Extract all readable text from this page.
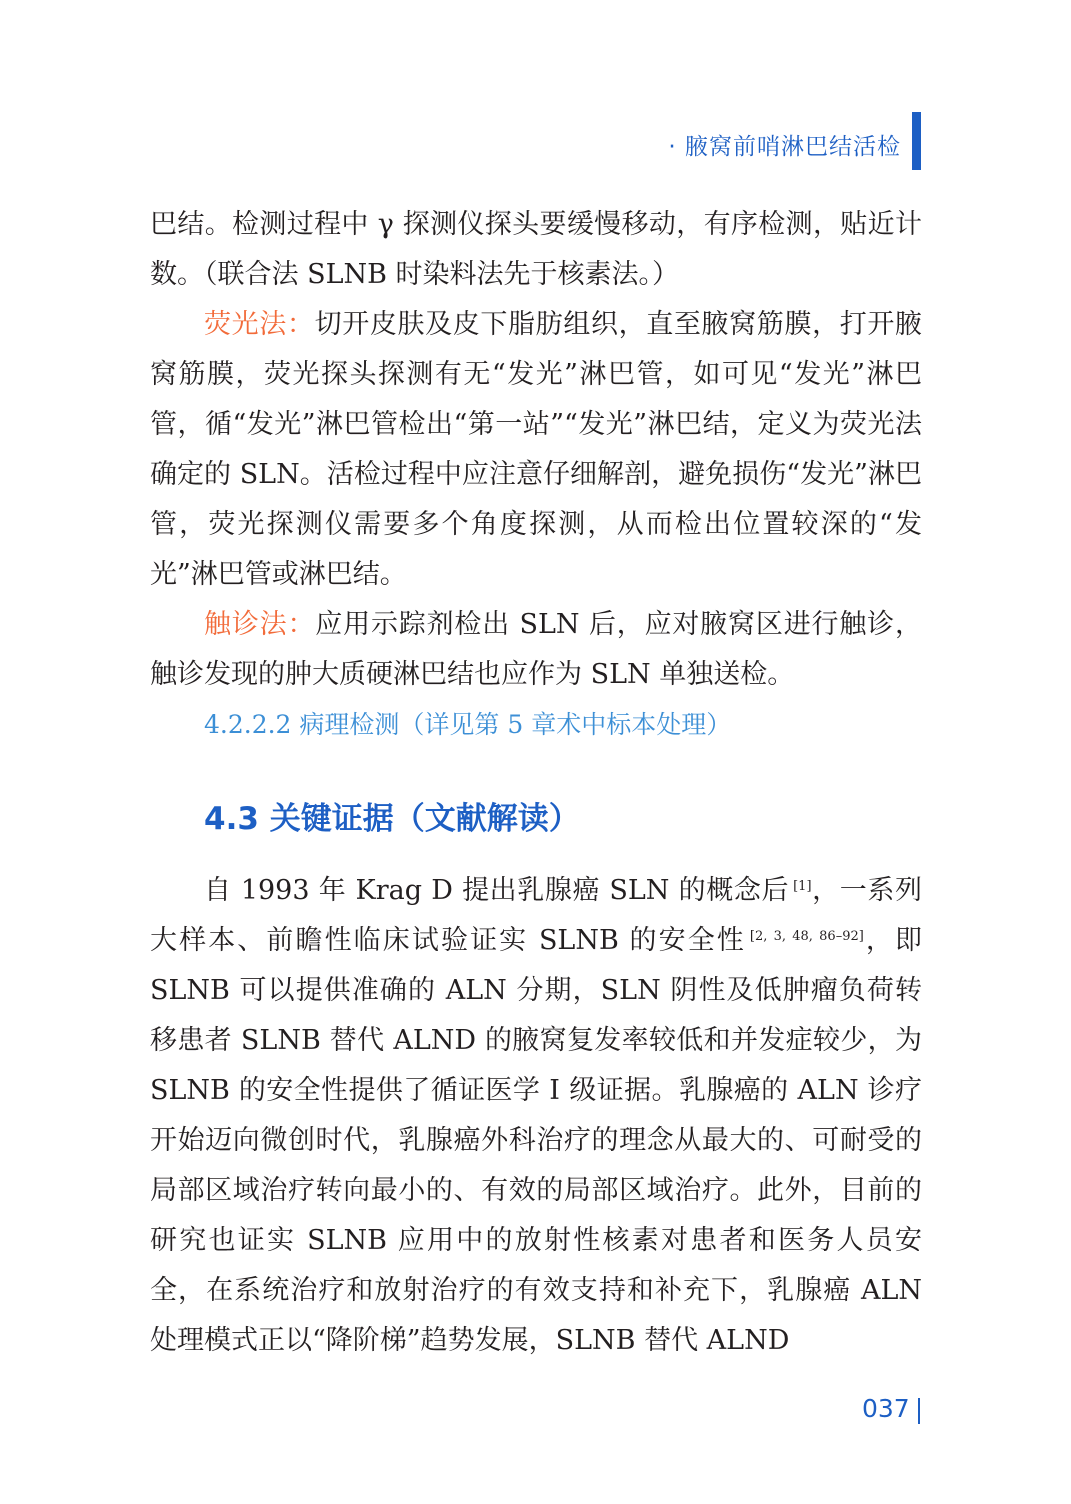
· 腋窝前哨淋巴结活检

巴结。检测过程中 γ 探测仪探头要缓慢移动，有序检测，贴近计数。（联合法 SLNB 时染料法先于核素法。）

荧光法：切开皮肤及皮下脂肪组织，直至腋窝筋膜，打开腋窝筋膜，荧光探头探测有无“发光”淋巴管，如可见“发光”淋巴管，循“发光”淋巴管检出“第一站”“发光”淋巴结，定义为荧光法确定的 SLN。活检过程中应注意仔细解剖，避免损伤“发光”淋巴管，荧光探测仪需要多个角度探测，从而检出位置较深的“发光”淋巴管或淋巴结。

触诊法：应用示踪剂检出 SLN 后，应对腋窝区进行触诊，触诊发现的肿大质硬淋巴结也应作为 SLN 单独送检。

4.2.2.2 病理检测（详见第 5 章术中标本处理）

4.3 关键证据（文献解读）

自 1993 年 Krag D 提出乳腺癌 SLN 的概念后 [1]，一系列大样本、前瞻性临床试验证实 SLNB 的安全性 [2, 3, 48, 86–92]，即 SLNB 可以提供准确的 ALN 分期，SLN 阴性及低肿瘤负荷转移患者 SLNB 替代 ALND 的腋窝复发率较低和并发症较少，为 SLNB 的安全性提供了循证医学 Ⅰ 级证据。乳腺癌的 ALN 诊疗开始迈向微创时代，乳腺癌外科治疗的理念从最大的、可耐受的局部区域治疗转向最小的、有效的局部区域治疗。此外，目前的研究也证实 SLNB 应用中的放射性核素对患者和医务人员安全，在系统治疗和放射治疗的有效支持和补充下，乳腺癌 ALN 处理模式正以“降阶梯”趋势发展，SLNB 替代 ALND

037
